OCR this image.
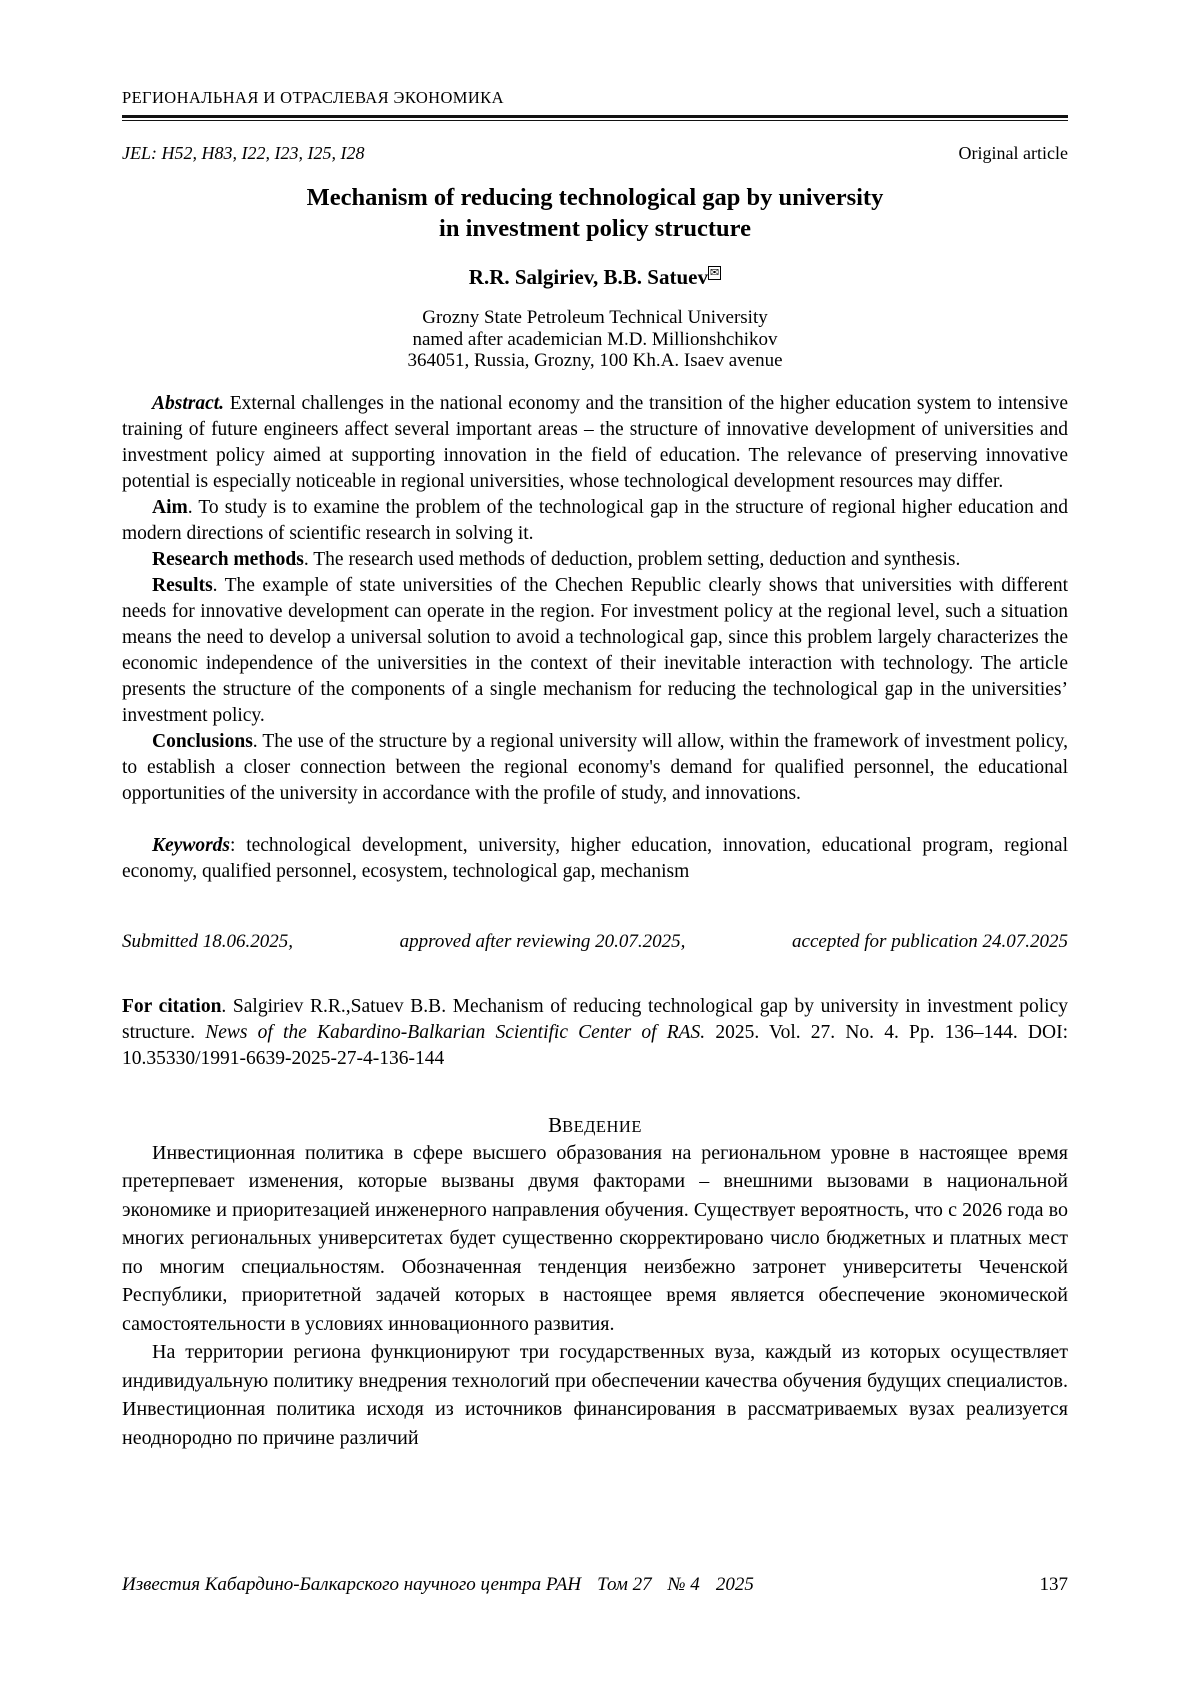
РЕГИОНАЛЬНАЯ И ОТРАСЛЕВАЯ ЭКОНОМИКА
JEL: H52, H83, I22, I23, I25, I28	Original article
Mechanism of reducing technological gap by university
in investment policy structure
R.R. Salgiriev, B.B. Satuev ✉
Grozny State Petroleum Technical University
named after academician M.D. Millionshchikov
364051, Russia, Grozny, 100 Kh.A. Isaev avenue

Abstract. External challenges in the national economy and the transition of the higher education system to intensive training of future engineers affect several important areas – the structure of innovative development of universities and investment policy aimed at supporting innovation in the field of education. The relevance of preserving innovative potential is especially noticeable in regional universities, whose technological development resources may differ.

Aim. To study is to examine the problem of the technological gap in the structure of regional higher education and modern directions of scientific research in solving it.

Research methods. The research used methods of deduction, problem setting, deduction and synthesis.

Results. The example of state universities of the Chechen Republic clearly shows that universities with different needs for innovative development can operate in the region. For investment policy at the regional level, such a situation means the need to develop a universal solution to avoid a technological gap, since this problem largely characterizes the economic independence of the universities in the context of their inevitable interaction with technology. The article presents the structure of the components of a single mechanism for reducing the technological gap in the universities’ investment policy.

Conclusions. The use of the structure by a regional university will allow, within the framework of investment policy, to establish a closer connection between the regional economy's demand for qualified personnel, the educational opportunities of the university in accordance with the profile of study, and innovations.

Keywords: technological development, university, higher education, innovation, educational program, regional economy, qualified personnel, ecosystem, technological gap, mechanism

Submitted 18.06.2025,	approved after reviewing 20.07.2025,	accepted for publication 24.07.2025

For citation. Salgiriev R.R.,Satuev B.B. Mechanism of reducing technological gap by university in investment policy structure. News of the Kabardino-Balkarian Scientific Center of RAS. 2025. Vol. 27. No. 4. Pp. 136–144. DOI: 10.35330/1991-6639-2025-27-4-136-144

ВВЕДЕНИЕ

Инвестиционная политика в сфере высшего образования на региональном уровне в настоящее время претерпевает изменения, которые вызваны двумя факторами – внешними вызовами в национальной экономике и приоритезацией инженерного направления обучения. Существует вероятность, что с 2026 года во многих региональных университетах будет существенно скорректировано число бюджетных и платных мест по многим специальностям. Обозначенная тенденция неизбежно затронет университеты Чеченской Республики, приоритетной задачей которых в настоящее время является обеспечение экономической самостоятельности в условиях инновационного развития.

На территории региона функционируют три государственных вуза, каждый из которых осуществляет индивидуальную политику внедрения технологий при обеспечении качества обучения будущих специалистов. Инвестиционная политика исходя из источников финансирования в рассматриваемых вузах реализуется неоднородно по причине различий

Известия Кабардино-Балкарского научного центра РАН Том 27 № 4 2025	137
